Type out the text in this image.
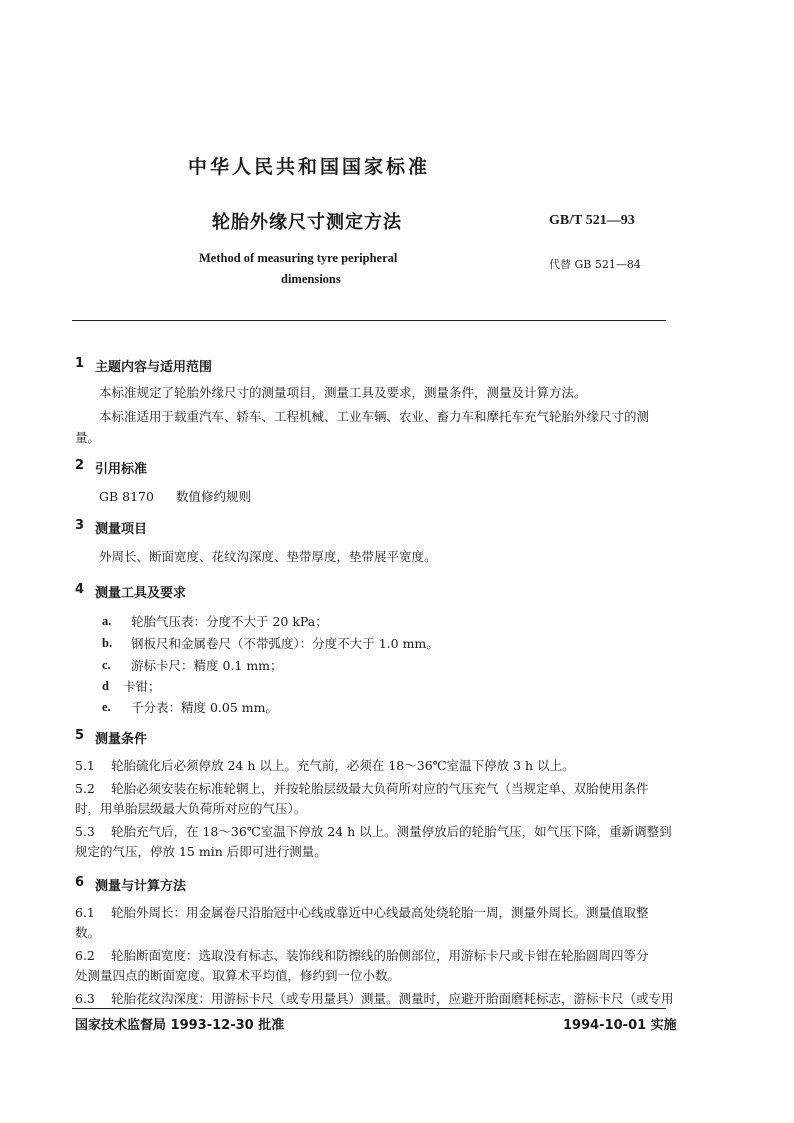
中华人民共和国国家标准
轮胎外缘尺寸测定方法	GB/T 521—93
Method of measuring tyre peripheral
dimensions
代替 GB 521—84
1 主题内容与适用范围
本标准规定了轮胎外缘尺寸的测量项目，测量工具及要求，测量条件，测量及计算方法。
本标准适用于载重汽车、轿车、工程机械、工业车辆、农业、畜力车和摩托车充气轮胎外缘尺寸的测
量。
2 引用标准
GB 8170 数值修约规则
3 测量项目
外周长、断面宽度、花纹沟深度、垫带厚度，垫带展平宽度。
4 测量工具及要求
a. 轮胎气压表：分度不大于 20 kPa；
b. 钢板尺和金属卷尺（不带弧度）：分度不大于 1.0 mm。
c. 游标卡尺：精度 0.1 mm；
d 卡钳；
e. 千分表：精度 0.05 mm。
5 测量条件
5.1 轮胎硫化后必须停放 24 h 以上。充气前，必须在 18～36℃室温下停放 3 h 以上。
5.2 轮胎必须安装在标准轮辋上，并按轮胎层级最大负荷所对应的气压充气（当规定单、双胎使用条件
时，用单胎层级最大负荷所对应的气压）。
5.3 轮胎充气后，在 18～36℃室温下停放 24 h 以上。测量停放后的轮胎气压，如气压下降，重新调整到
规定的气压，停放 15 min 后即可进行测量。
6 测量与计算方法
6.1 轮胎外周长：用金属卷尺沿胎冠中心线或靠近中心线最高处绕轮胎一周，测量外周长。测量值取整
数。
6.2 轮胎断面宽度：选取没有标志、装饰线和防擦线的胎侧部位，用游标卡尺或卡钳在轮胎圆周四等分
处测量四点的断面宽度。取算术平均值，修约到一位小数。
6.3 轮胎花纹沟深度：用游标卡尺（或专用量具）测量。测量时，应避开胎面磨耗标志，游标卡尺（或专用
国家技术监督局 1993-12-30 批准	1994-10-01 实施
